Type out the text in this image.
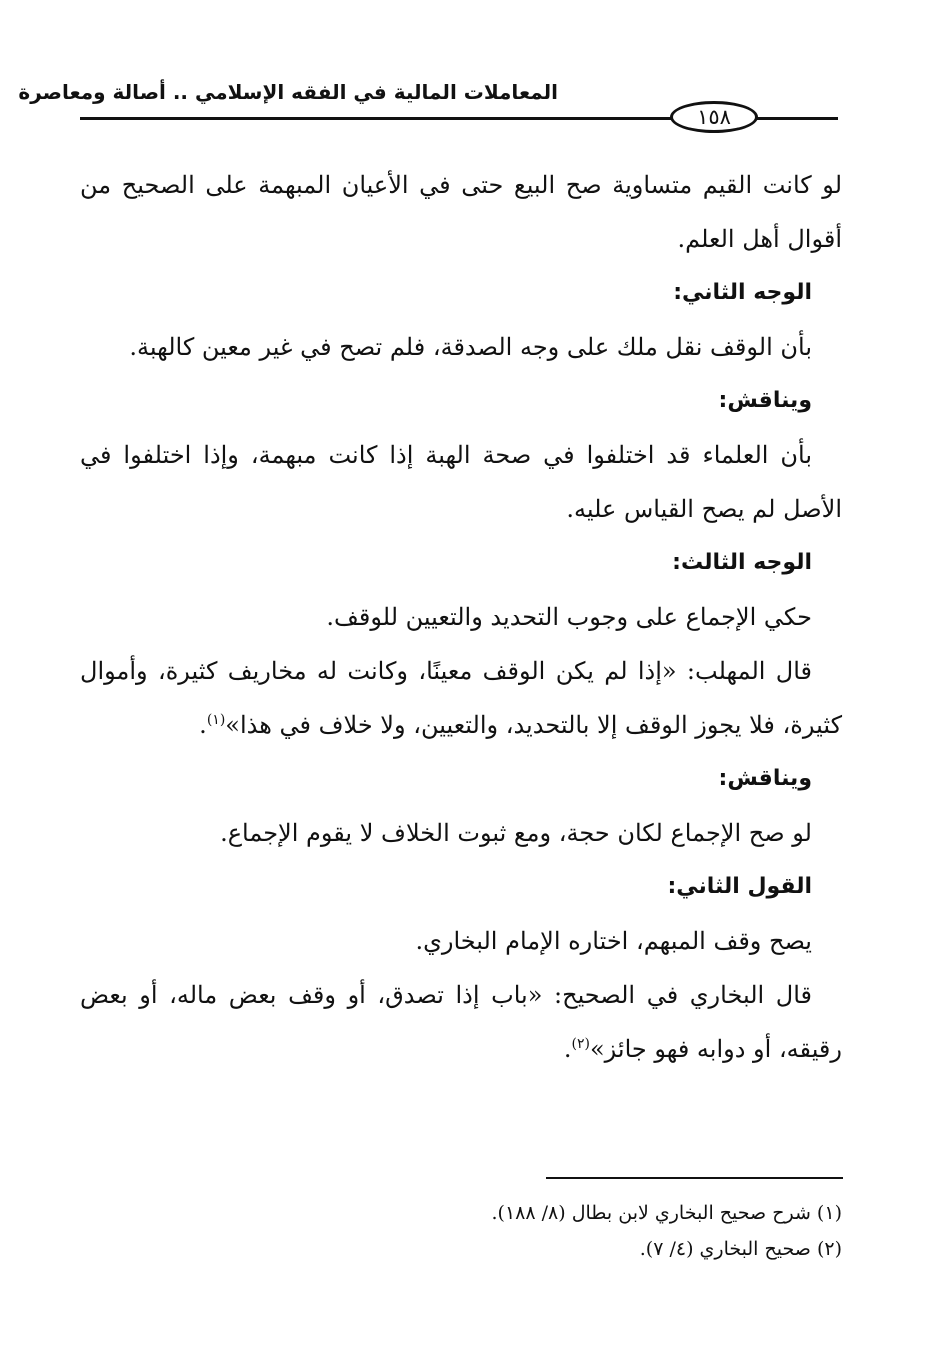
المعاملات المالية في الفقه الإسلامي .. أصالة ومعاصرة
١٥٨

لو كانت القيم متساوية صح البيع حتى في الأعيان المبهمة على الصحيح من أقوال أهل العلم.

الوجه الثاني:

بأن الوقف نقل ملك على وجه الصدقة، فلم تصح في غير معين كالهبة.

ويناقش:

بأن العلماء قد اختلفوا في صحة الهبة إذا كانت مبهمة، وإذا اختلفوا في الأصل لم يصح القياس عليه.

الوجه الثالث:

حكي الإجماع على وجوب التحديد والتعيين للوقف.

قال المهلب: «إذا لم يكن الوقف معينًا، وكانت له مخاريف كثيرة، وأموال كثيرة، فلا يجوز الوقف إلا بالتحديد، والتعيين، ولا خلاف في هذا»$^{(١)}$.

ويناقش:

لو صح الإجماع لكان حجة، ومع ثبوت الخلاف لا يقوم الإجماع.

القول الثاني:

يصح وقف المبهم، اختاره الإمام البخاري.

قال البخاري في الصحيح: «باب إذا تصدق، أو وقف بعض ماله، أو بعض رقيقه، أو دوابه فهو جائز»$^{(٢)}$.

(١) شرح صحيح البخاري لابن بطال (٨/ ١٨٨).

(٢) صحيح البخاري (٤/ ٧).
